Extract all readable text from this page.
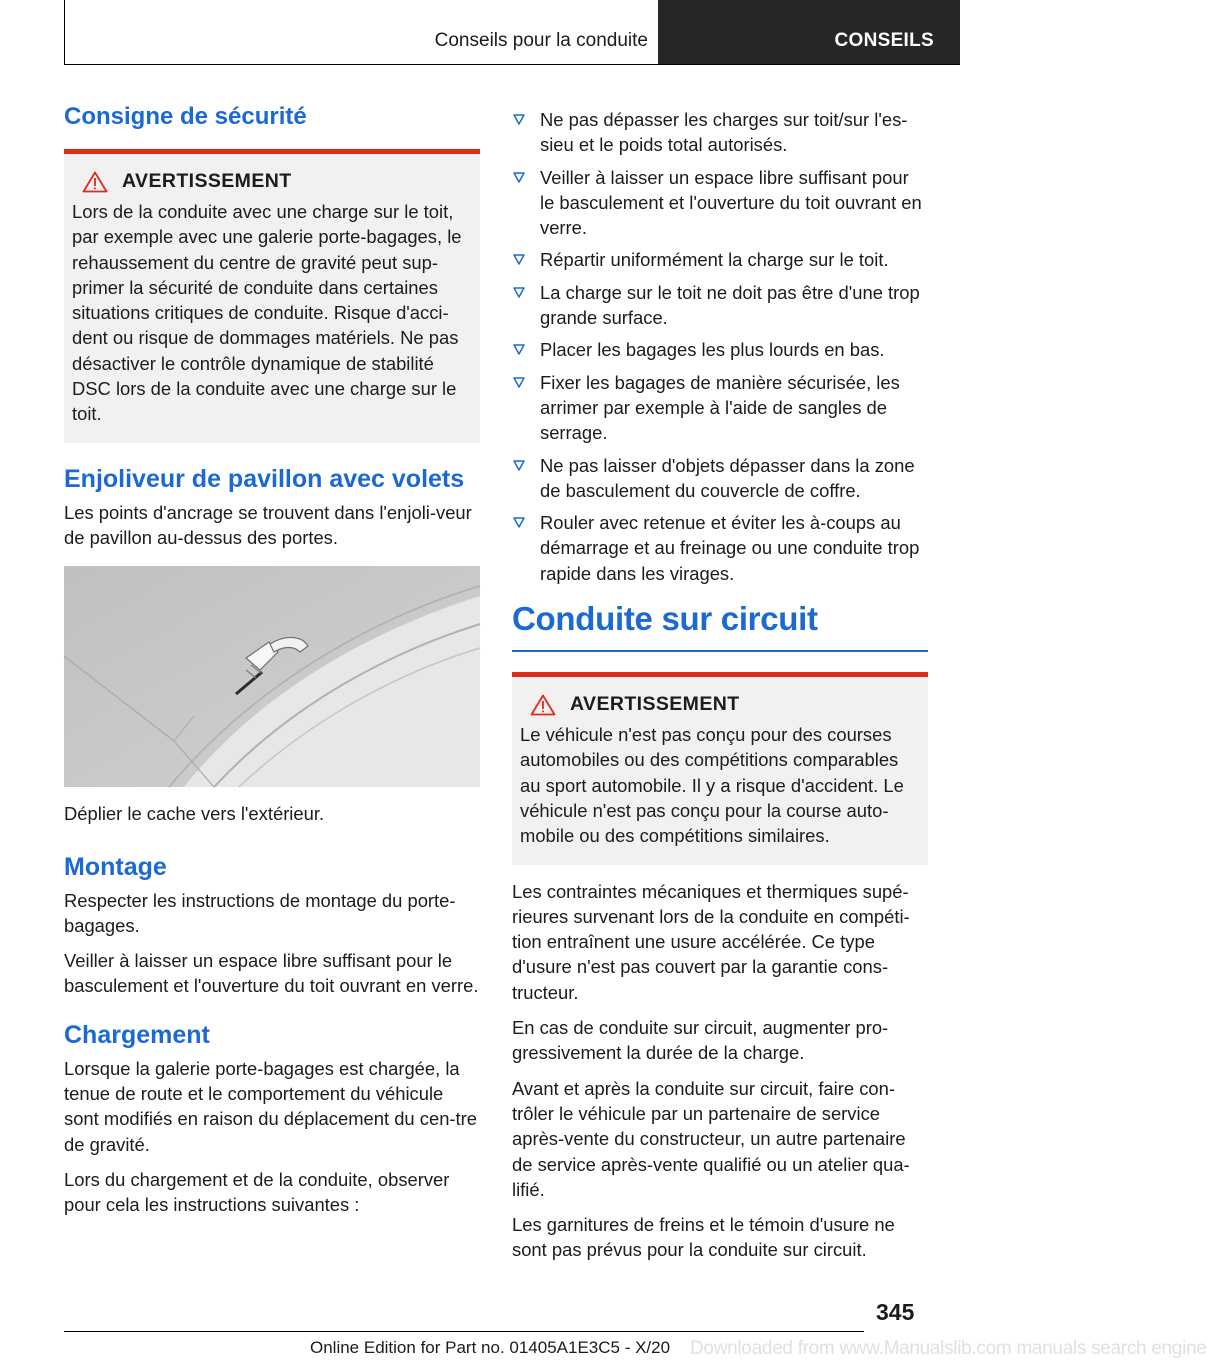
Conseils pour la conduite	CONSEILS
Consigne de sécurité
AVERTISSEMENT

Lors de la conduite avec une charge sur le toit, par exemple avec une galerie porte-bagages, le rehaussement du centre de gravité peut sup-primer la sécurité de conduite dans certaines situations critiques de conduite. Risque d'acci-dent ou risque de dommages matériels. Ne pas désactiver le contrôle dynamique de stabilité DSC lors de la conduite avec une charge sur le toit.

Enjoliveur de pavillon avec volets

Les points d'ancrage se trouvent dans l'enjoli-veur de pavillon au-dessus des portes.

Déplier le cache vers l'extérieur.

Montage

Respecter les instructions de montage du porte-bagages.

Veiller à laisser un espace libre suffisant pour le basculement et l'ouverture du toit ouvrant en verre.

Chargement

Lorsque la galerie porte-bagages est chargée, la tenue de route et le comportement du véhicule sont modifiés en raison du déplacement du cen-tre de gravité.

Lors du chargement et de la conduite, observer pour cela les instructions suivantes :

Ne pas dépasser les charges sur toit/sur l'es-sieu et le poids total autorisés.
Veiller à laisser un espace libre suffisant pour le basculement et l'ouverture du toit ouvrant en verre.
Répartir uniformément la charge sur le toit.
La charge sur le toit ne doit pas être d'une trop grande surface.
Placer les bagages les plus lourds en bas.
Fixer les bagages de manière sécurisée, les arrimer par exemple à l'aide de sangles de serrage.
Ne pas laisser d'objets dépasser dans la zone de basculement du couvercle de coffre.
Rouler avec retenue et éviter les à-coups au démarrage et au freinage ou une conduite trop rapide dans les virages.
Conduite sur circuit
AVERTISSEMENT

Le véhicule n'est pas conçu pour des courses automobiles ou des compétitions comparables au sport automobile. Il y a risque d'accident. Le véhicule n'est pas conçu pour la course auto-mobile ou des compétitions similaires.

Les contraintes mécaniques et thermiques supé-rieures survenant lors de la conduite en compéti-tion entraînent une usure accélérée. Ce type d'usure n'est pas couvert par la garantie cons-tructeur.

En cas de conduite sur circuit, augmenter pro-gressivement la durée de la charge.

Avant et après la conduite sur circuit, faire con-trôler le véhicule par un partenaire de service après-vente du constructeur, un autre partenaire de service après-vente qualifié ou un atelier qua-lifié.

Les garnitures de freins et le témoin d'usure ne sont pas prévus pour la conduite sur circuit.

345
Online Edition for Part no. 01405A1E3C5 - X/20 Downloaded from www.Manualslib.com manuals search engine
